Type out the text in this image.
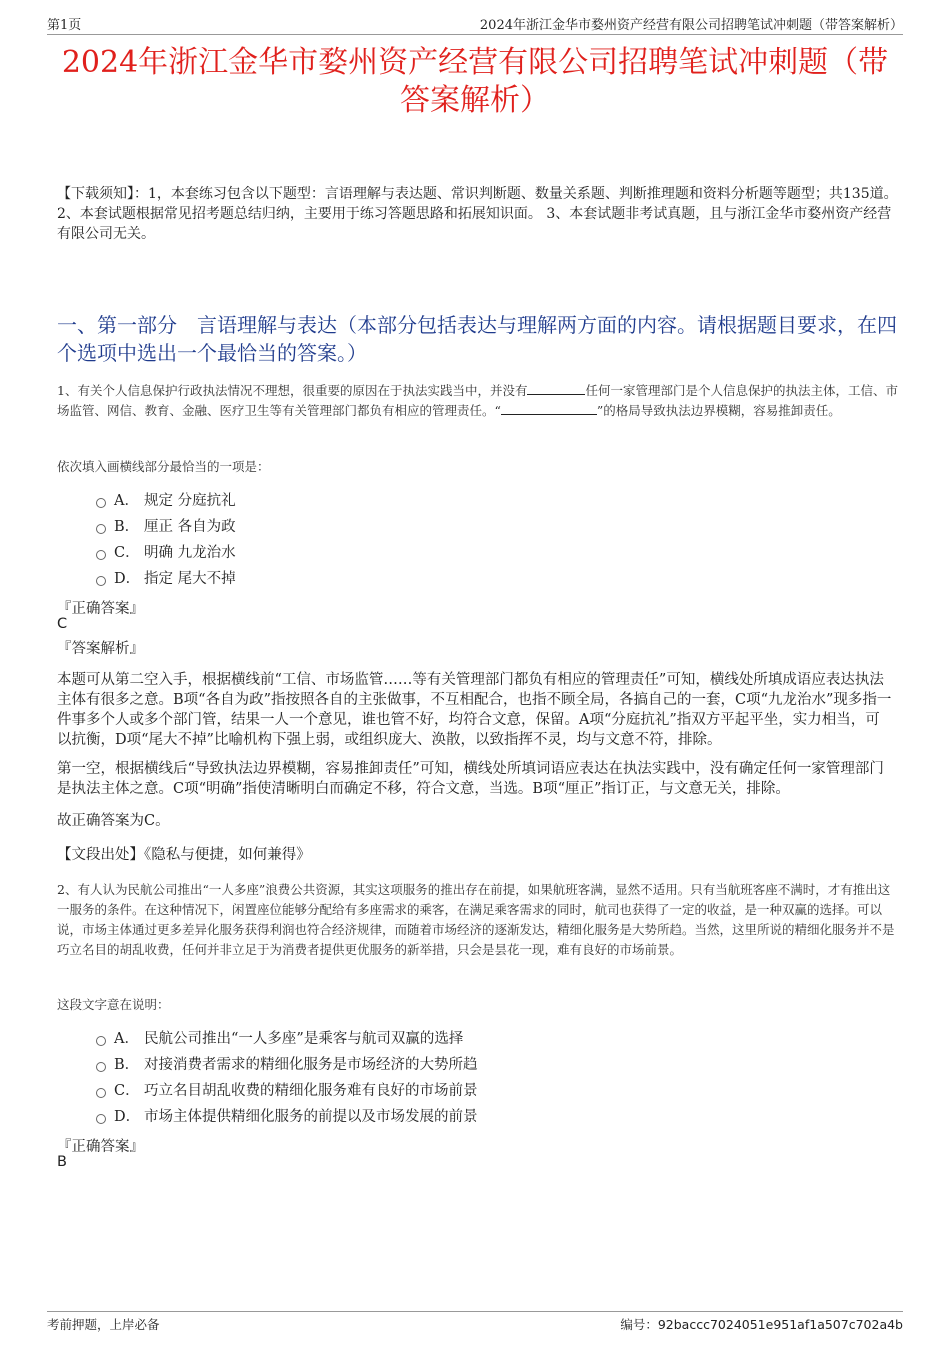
第1页	2024年浙江金华市婺州资产经营有限公司招聘笔试冲刺题（带答案解析）
2024年浙江金华市婺州资产经营有限公司招聘笔试冲刺题（带答案解析）
【下载须知】：1，本套练习包含以下题型：言语理解与表达题、常识判断题、数量关系题、判断推理题和资料分析题等题型；共135道。 2、本套试题根据常见招考题总结归纳，主要用于练习答题思路和拓展知识面。 3、本套试题非考试真题，且与浙江金华市婺州资产经营有限公司无关。
一、第一部分　言语理解与表达（本部分包括表达与理解两方面的内容。请根据题目要求，在四个选项中选出一个最恰当的答案。）
1、有关个人信息保护行政执法情况不理想，很重要的原因在于执法实践当中，并没有	任何一家管理部门是个人信息保护的执法主体，工信、市场监管、网信、教育、金融、医疗卫生等有关管理部门都负有相应的管理责任。“	”的格局导致执法边界模糊，容易推卸责任。
依次填入画横线部分最恰当的一项是：
A． 规定 分庭抗礼
B． 厘正 各自为政
C． 明确 九龙治水
D． 指定 尾大不掉
『正确答案』
C
『答案解析』
本题可从第二空入手，根据横线前“工信、市场监管……等有关管理部门都负有相应的管理责任”可知，横线处所填成语应表达执法主体有很多之意。B项“各自为政”指按照各自的主张做事，不互相配合，也指不顾全局，各搞自己的一套，C项“九龙治水”现多指一件事多个人或多个部门管，结果一人一个意见，谁也管不好，均符合文意，保留。A项“分庭抗礼”指双方平起平坐，实力相当，可以抗衡，D项“尾大不掉”比喻机构下强上弱，或组织庞大、涣散，以致指挥不灵，均与文意不符，排除。
第一空，根据横线后“导致执法边界模糊，容易推卸责任”可知，横线处所填词语应表达在执法实践中，没有确定任何一家管理部门是执法主体之意。C项“明确”指使清晰明白而确定不移，符合文意，当选。B项“厘正”指订正，与文意无关，排除。
故正确答案为C。
【文段出处】《隐私与便捷，如何兼得》
2、有人认为民航公司推出“一人多座”浪费公共资源，其实这项服务的推出存在前提，如果航班客满，显然不适用。只有当航班客座不满时，才有推出这一服务的条件。在这种情况下，闲置座位能够分配给有多座需求的乘客，在满足乘客需求的同时，航司也获得了一定的收益，是一种双赢的选择。可以说，市场主体通过更多差异化服务获得利润也符合经济规律，而随着市场经济的逐渐发达，精细化服务是大势所趋。当然，这里所说的精细化服务并不是巧立名目的胡乱收费，任何并非立足于为消费者提供更优服务的新举措，只会是昙花一现，难有良好的市场前景。
这段文字意在说明：
A． 民航公司推出“一人多座”是乘客与航司双赢的选择
B． 对接消费者需求的精细化服务是市场经济的大势所趋
C． 巧立名目胡乱收费的精细化服务难有良好的市场前景
D． 市场主体提供精细化服务的前提以及市场发展的前景
『正确答案』
B
考前押题，上岸必备	编号：92baccc7024051e951af1a507c702a4b
